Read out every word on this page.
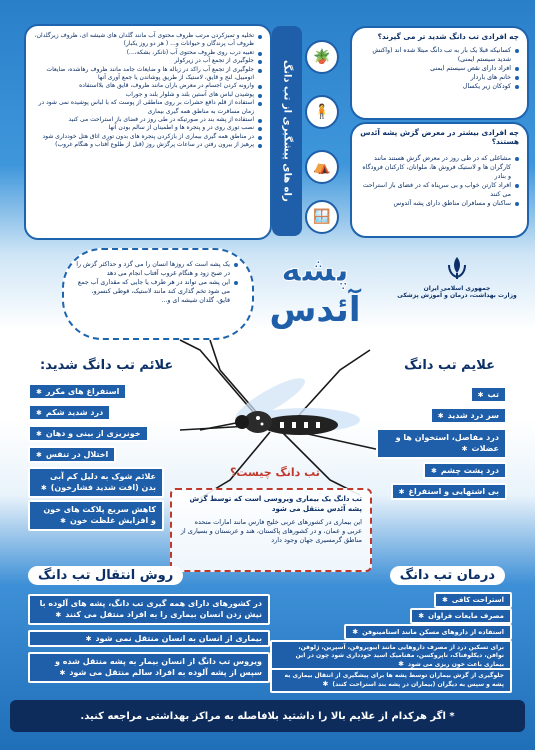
چه افرادی تب دانگ شدید تر می گیرند؟
کسانیکه قبلا یک بار به تب دانگ مبتلا شده اند (واکنش شدید سیستم ایمنی)
افراد دارای نقص سیستم ایمنی
خانم های باردار
کودکان زیر یکسال
چه افرادی بیشتر در معرض گزش پشه آئدس هستند؟
مشاغلی که در طی روز در معرض گزش هستند مانند کارگران ها و لاستیک فروش ها، ملوانان، کارکنان فرودگاه و بنادر
افراد کارتن خواب و بی سرپناه که در فضای باز استراحت می کنند
ساکنان و مسافران مناطق دارای پشه آئدوس
🪴
🧍
⛺
🪟
راه های پیشگیری از تب دانگ
تخلیه و تمیزکردن مرتب ظروف محتوی آب مانند گلدان های شیشه ای، ظروف زیرگلدان، ظروف آب پرندگان و حیوانات و... ( هر دو روز یکبار)
تعبیه درب روی ظروف محتوی آب (تانکر، بشکه،...)
جلوگیری از تجمع آب در زیرکولر
جلوگیری از تجمع آب راکد در زباله ها و ضایعات جامد مانند ظروف رهاشده، ضایعات اتومبیل، لنج و قایق، لاستیک از طریق پوشاندن یا جمع آوری آنها
وارونه کردن اجسام در معرض باران مانند ظروف، قایق های بلااستفاده
پوشیدن لباس های آستین بلند و شلوار بلند و جوراب
استفاده از قلم دافع حشرات بر روی مناطقی از پوست که با لباس پوشیده نمی شود در زمان مسافرت به مناطق همه گیری بیماری
استفاده از پشه بند در صورتیکه در طی روز در فضای باز استراحت می کنید
نصب توری روی در و پنجره ها و اطمینان از سالم بودن آنها
در مناطق همه گیری بیماری از بازکردن پنجره های بدون توری اتاق هتل خودداری شود
پرهیز از بیرون رفتن در ساعات پرگزش روز (قبل از طلوع آفتاب و هنگام غروب)
یک پشه است که روزها انسان را می گزد و حداکثر گزش را در صبح زود و هنگام غروب آفتاب انجام می دهد
این پشه می تواند در هر طرف یا جایی که مقداری آب جمع می شود تخم گذاری کند مانند لاستیک، قوطی کنسرو، قایق، گلدان شیشه ای و...
پشه
آئدس
جمهوری اسلامی ایران
وزارت بهداشت، درمان و آموزش پزشکی
علائم تب دانگ شدید:
استفراغ های مکرر ✱
درد شدید شکم ✱
خونریزی از بینی و دهان ✱
اختلال در تنفس ✱
علائم شوک به دلیل کم آبی بدن (افت شدید فشارخون) ✱
کاهش سریع پلاکت های خون و افزایش غلظت خون ✱
علایم تب دانگ
تب ✱
سر درد شدید ✱
درد مفاصل، استخوان ها و عضلات ✱
درد پشت چشم ✱
بی اشتهایی و استفراغ ✱
تب دانگ چیست؟
تب دانگ یک بیماری ویروسی است که توسط گزش پشه آئدس منتقل می شود
این بیماری در کشورهای عربی خلیج فارس مانند امارات متحده عربی و عمان، و در کشورهای پاکستان، هند و عربستان و بسیاری از مناطق گرمسیری جهان وجود دارد
روش انتقال تب دانگ
در کشورهای دارای همه گیری تب دانگ، پشه های آلوده با نیش زدن انسان بیماری را به افراد منتقل می کنند ✱
بیماری از انسان به انسان منتقل نمی شود ✱
ویروس تب دانگ از انسان بیمار به پشه منتقل شده و سپس از پشه آلوده به افراد سالم منتقل می شود ✱
درمان تب دانگ
استراحت کافی ✱
مصرف مایعات فراوان ✱
استفاده از داروهای مسکن مانند استامینوفن ✱
برای تسکین درد از مصرف داروهایی مانند ایبوپروفن، آسپرین، ژلوفن، نوافن، دیکلوفناک، ناپروکسن، مفنامیک اسید خودداری شود چون در این بیماری باعث خون ریزی می شود ✱
جلوگیری از گزش بیماران توسط پشه ها برای پیشگیری از انتقال بیماری به پشه و سپس به دیگران (بیماران در پشه بند استراحت کنند) ✱
* اگر هرکدام از علایم بالا را داشتید بلافاصله به مراکز بهداشتی مراجعه کنید.
